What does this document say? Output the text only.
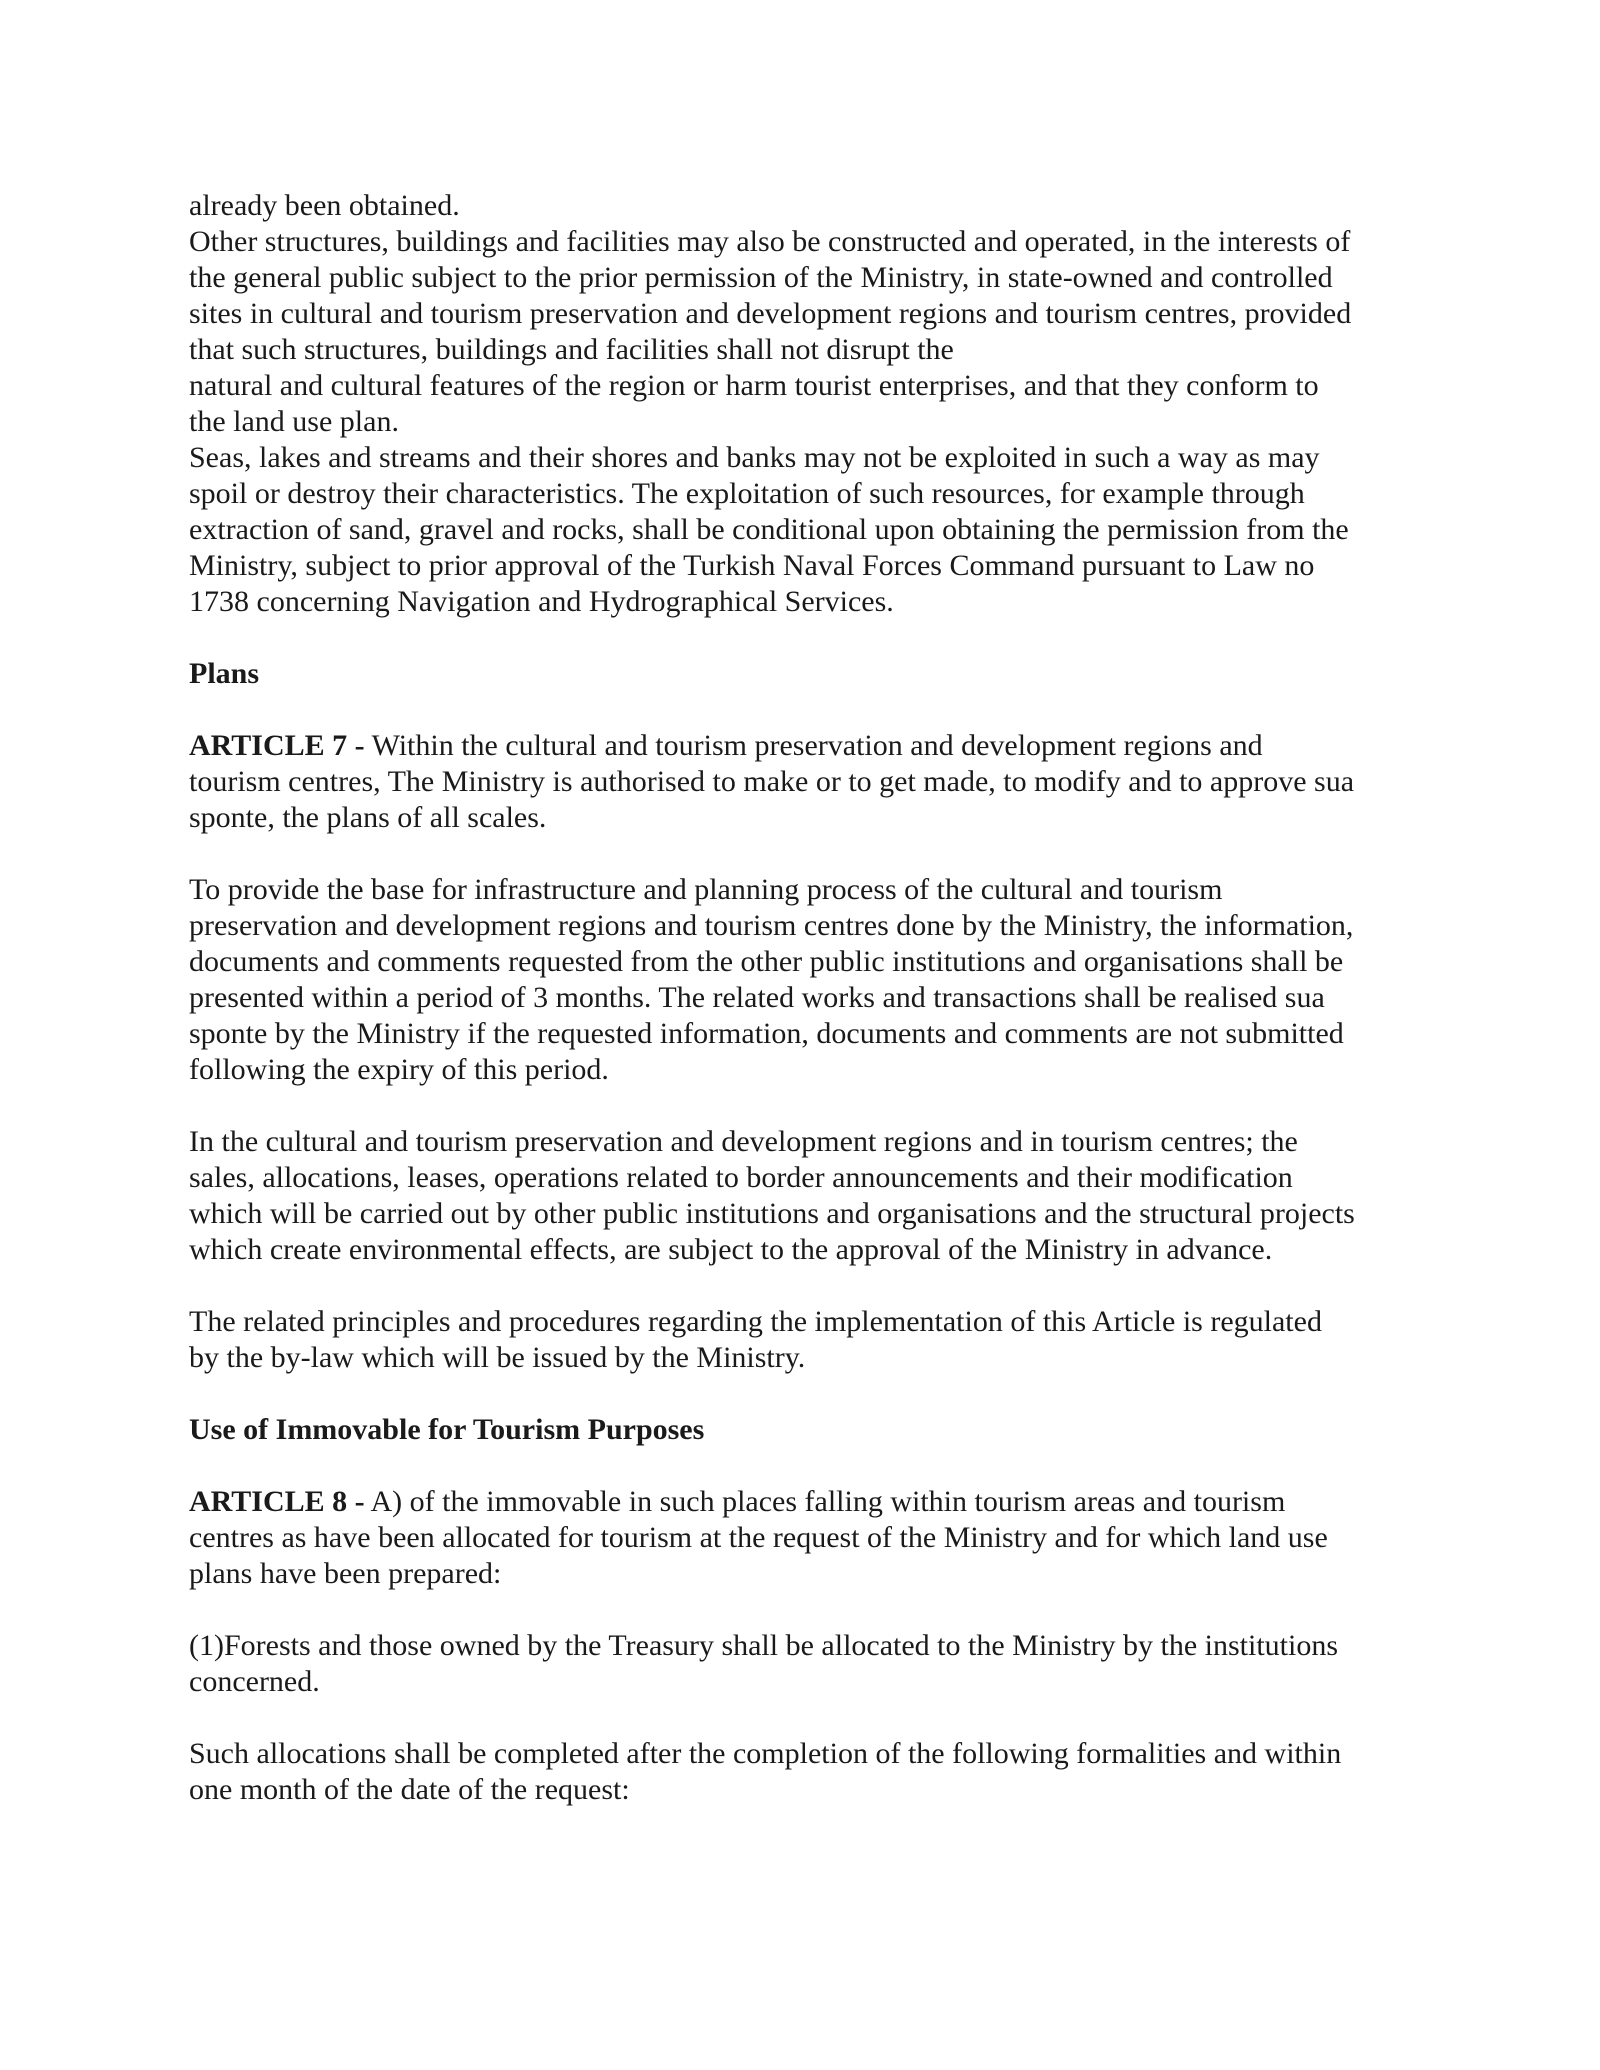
already been obtained.
Other structures, buildings and facilities may also be constructed and operated, in the interests of
the general public subject to the prior permission of the Ministry, in state-owned and controlled
sites in cultural and tourism preservation and development regions and tourism centres, provided
that such structures, buildings and facilities shall not disrupt the
natural and cultural features of the region or harm tourist enterprises, and that they conform to
the land use plan.
Seas, lakes and streams and their shores and banks may not be exploited in such a way as may
spoil or destroy their characteristics. The exploitation of such resources, for example through
extraction of sand, gravel and rocks, shall be conditional upon obtaining the permission from the
Ministry, subject to prior approval of the Turkish Naval Forces Command pursuant to Law no
1738 concerning Navigation and Hydrographical Services.
Plans
ARTICLE 7 - Within the cultural and tourism preservation and development regions and
tourism centres, The Ministry is authorised to make or to get made, to modify and to approve sua
sponte, the plans of all scales.
To provide the base for infrastructure and planning process of the cultural and tourism
preservation and development regions and tourism centres done by the Ministry, the information,
documents and comments requested from the other public institutions and organisations shall be
presented within a period of 3 months. The related works and transactions shall be realised sua
sponte by the Ministry if the requested information, documents and comments are not submitted
following the expiry of this period.
In the cultural and tourism preservation and development regions and in tourism centres; the
sales, allocations, leases, operations related to border announcements and their modification
which will be carried out by other public institutions and organisations and the structural projects
which create environmental effects, are subject to the approval of the Ministry in advance.
The related principles and procedures regarding the implementation of this Article is regulated
by the by-law which will be issued by the Ministry.
Use of Immovable for Tourism Purposes
ARTICLE 8 - A) of the immovable in such places falling within tourism areas and tourism
centres as have been allocated for tourism at the request of the Ministry and for which land use
plans have been prepared:
(1)Forests and those owned by the Treasury shall be allocated to the Ministry by the institutions
concerned.
Such allocations shall be completed after the completion of the following formalities and within
one month of the date of the request:
